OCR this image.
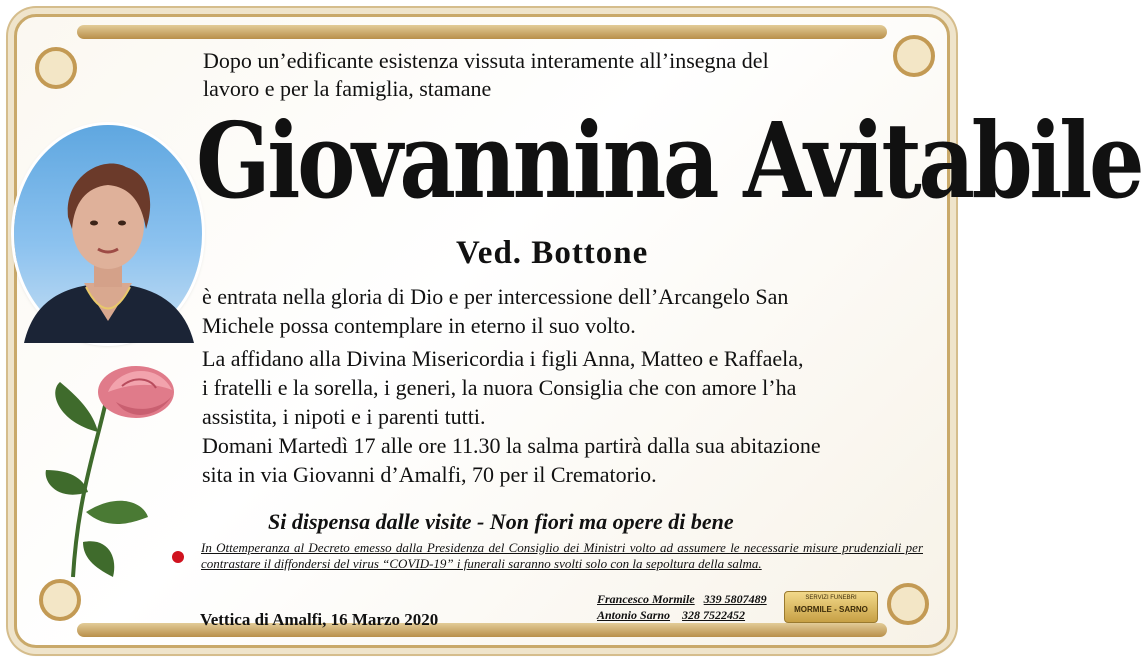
Dopo un’edificante esistenza vissuta interamente all’insegna del
lavoro e per la famiglia, stamane
Giovannina Avitabile
Ved. Bottone
è entrata nella gloria di Dio e per intercessione dell’Arcangelo San
Michele possa contemplare in eterno il suo volto.
La affidano alla Divina Misericordia i figli Anna, Matteo e Raffaela,
i fratelli e la sorella, i generi, la nuora Consiglia che con amore l’ha
assistita, i nipoti e i parenti tutti.
Domani Martedì 17 alle ore 11.30 la salma partirà dalla sua abitazione
sita in via Giovanni d’Amalfi, 70 per il Crematorio.
Si dispensa dalle visite - Non fiori ma opere di bene
In Ottemperanza al Decreto emesso dalla Presidenza del Consiglio dei Ministri volto ad assumere le necessarie misure prudenziali per contrastare il diffondersi del virus “COVID-19” i funerali saranno svolti solo con la sepoltura della salma.
Vettica di Amalfi, 16 Marzo 2020
Francesco Mormile 339 5807489
Antonio Sarno 328 7522452
SERVIZI FUNEBRI
MORMILE - SARNO
